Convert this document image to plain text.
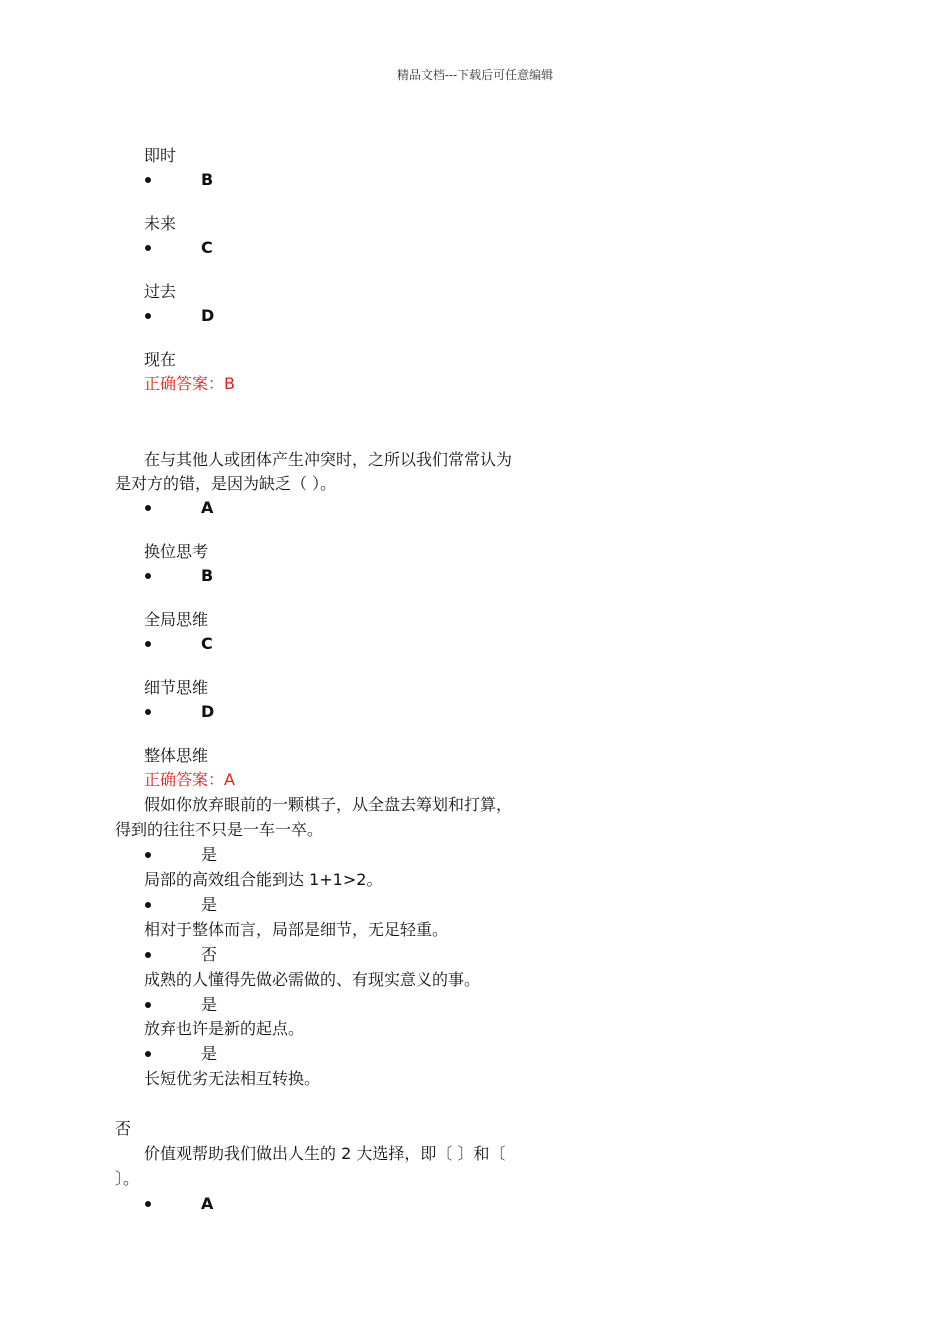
精品文档---下载后可任意编辑
即时
B
未来
C
过去
D
现在
正确答案：B
在与其他人或团体产生冲突时，之所以我们常常认为
是对方的错，是因为缺乏（ ）。
A
换位思考
B
全局思维
C
细节思维
D
整体思维
正确答案：A
假如你放弃眼前的一颗棋子，从全盘去筹划和打算，
得到的往往不只是一车一卒。
是
局部的高效组合能到达 1+1>2。
是
相对于整体而言，局部是细节，无足轻重。
否
成熟的人懂得先做必需做的、有现实意义的事。
是
放弃也许是新的起点。
是
长短优劣无法相互转换。
否
价值观帮助我们做出人生的 2 大选择，即〔 〕和〔
〕。
A
